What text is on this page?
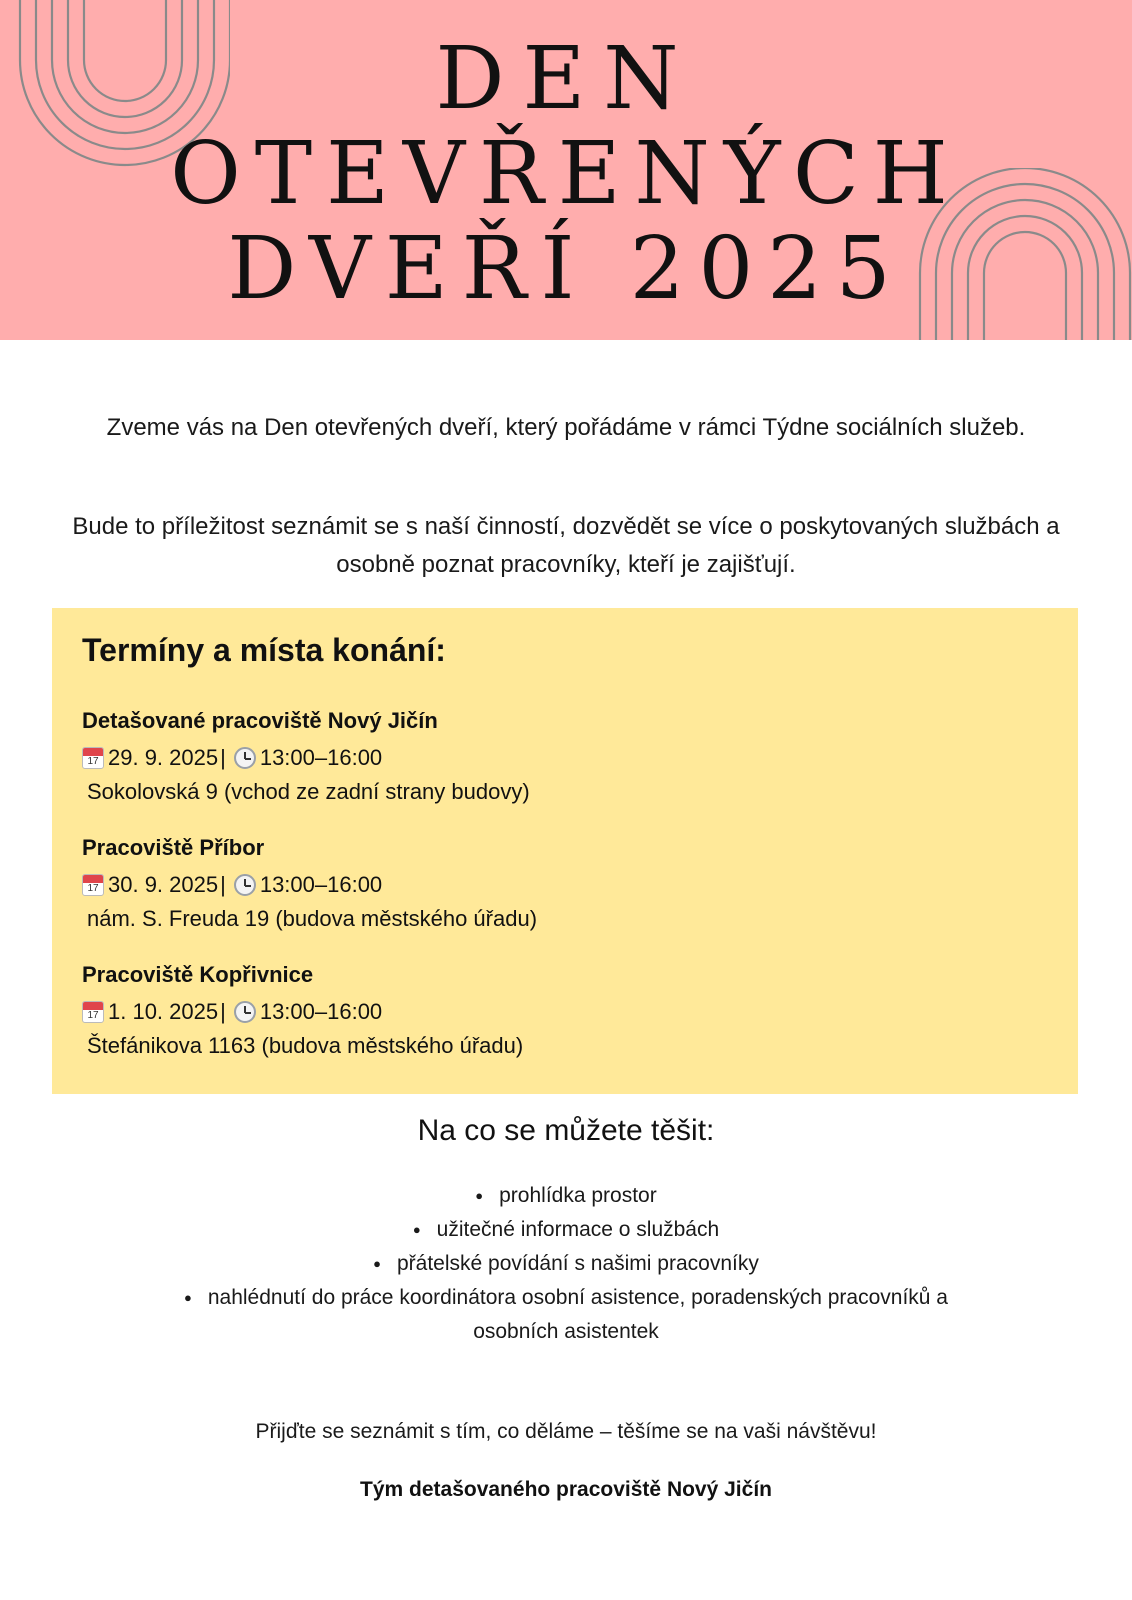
DEN
OTEVŘENÝCH
DVEŘÍ 2025

Zveme vás na Den otevřených dveří, který pořádáme v rámci Týdne sociálních služeb.

Bude to příležitost seznámit se s naší činností, dozvědět se více o poskytovaných službách a osobně poznat pracovníky, kteří je zajišťují.

Termíny a místa konání:
Detašované pracoviště Nový Jičín
17
29. 9. 2025 | 13:00–16:00
Sokolovská 9 (vchod ze zadní strany budovy)
Pracoviště Příbor
17
30. 9. 2025 | 13:00–16:00
nám. S. Freuda 19 (budova městského úřadu)
Pracoviště Kopřivnice
17
1. 10. 2025 | 13:00–16:00
Štefánikova 1163 (budova městského úřadu)
Na co se můžete těšit:
● prohlídka prostor
● užitečné informace o službách
● přátelské povídání s našimi pracovníky
● nahlédnutí do práce koordinátora osobní asistence, poradenských pracovníků a osobních asistentek

Přijďte se seznámit s tím, co děláme – těšíme se na vaši návštěvu!

Tým detašovaného pracoviště Nový Jičín
